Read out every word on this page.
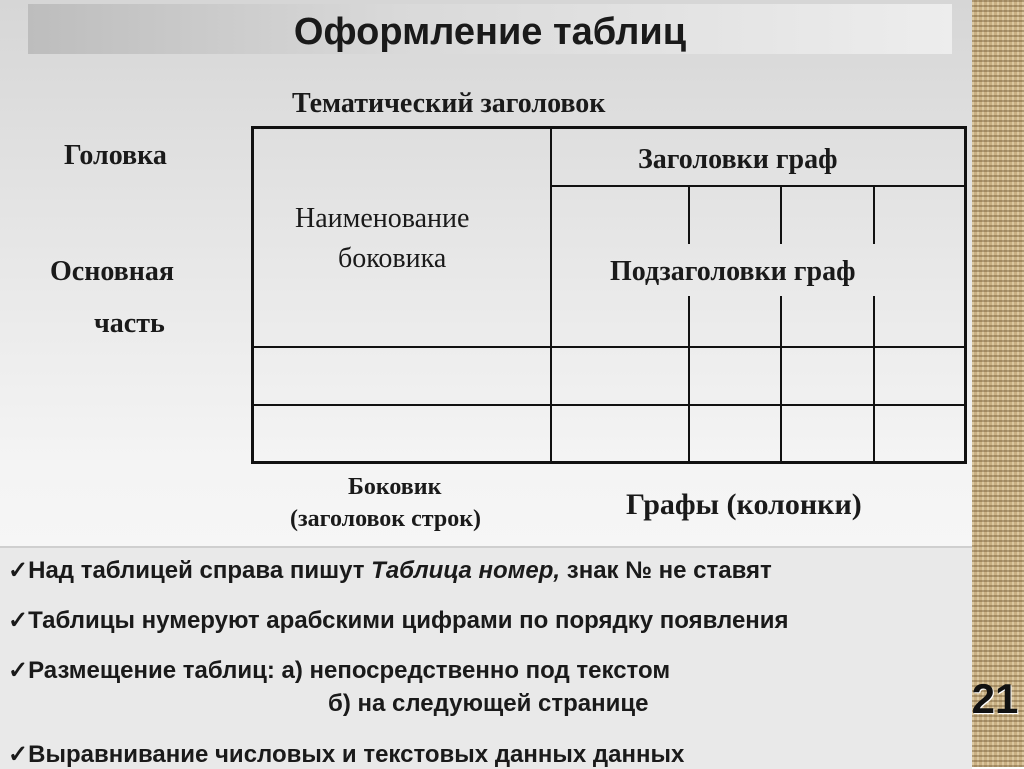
Оформление таблиц
Тематический заголовок
Головка
Основная
часть
Наименование
боковика
Заголовки граф
Подзаголовки граф
Боковик
(заголовок строк)	Графы (колонки)
✓Над таблицей справа пишут Таблица номер, знак № не ставят
✓Таблицы нумеруют арабскими цифрами по порядку появления
✓Размещение таблиц: а) непосредственно под текстом
б) на следующей странице
✓Выравнивание числовых и текстовых данных данных
21
